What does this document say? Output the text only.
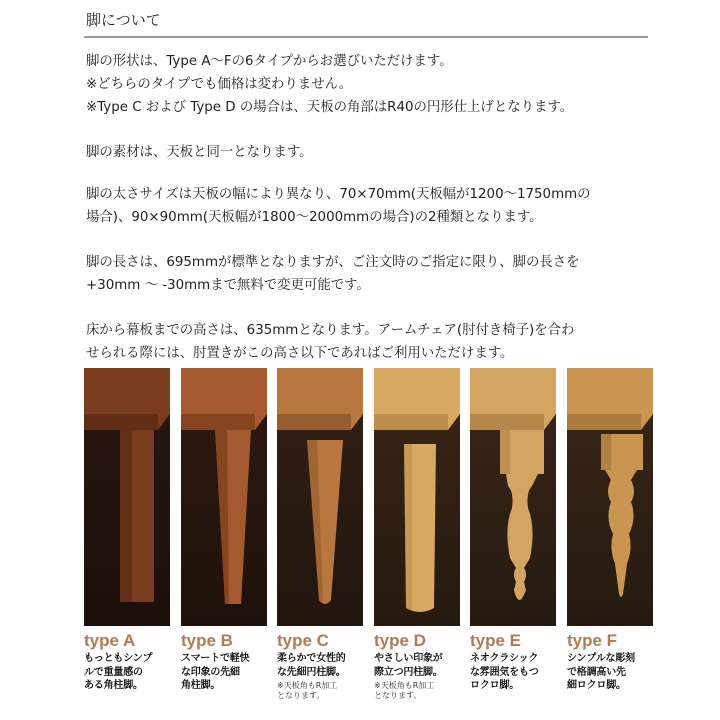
脚について
脚の形状は、Type A〜Fの6タイプからお選びいただけます。
※どちらのタイプでも価格は変わりません。
※Type C および Type D の場合は、天板の角部はR40の円形仕上げとなります。
脚の素材は、天板と同一となります。
脚の太さサイズは天板の幅により異なり、70×70mm(天板幅が1200〜1750mmの
場合)、90×90mm(天板幅が1800〜2000mmの場合)の2種類となります。
脚の長さは、695mmが標準となりますが、ご注文時のご指定に限り、脚の長さを
+30mm 〜 -30mmまで無料で変更可能です。
床から幕板までの高さは、635mmとなります。アームチェア(肘付き椅子)を合わ
せられる際には、肘置きがこの高さ以下であればご利用いただけます。
type A
もっともシンプ
ルで重量感の
ある角柱脚。
type B
スマートで軽快
な印象の先細
角柱脚。
type C
柔らかで女性的
な先細円柱脚。
※天板角もR加工
となります。
type D
やさしい印象が
際立つ円柱脚。
※天板角もR加工
となります。
type E
ネオクラシック
な雰囲気をもつ
ロクロ脚。
type F
シンプルな彫刻
で格調高い先
細ロクロ脚。
